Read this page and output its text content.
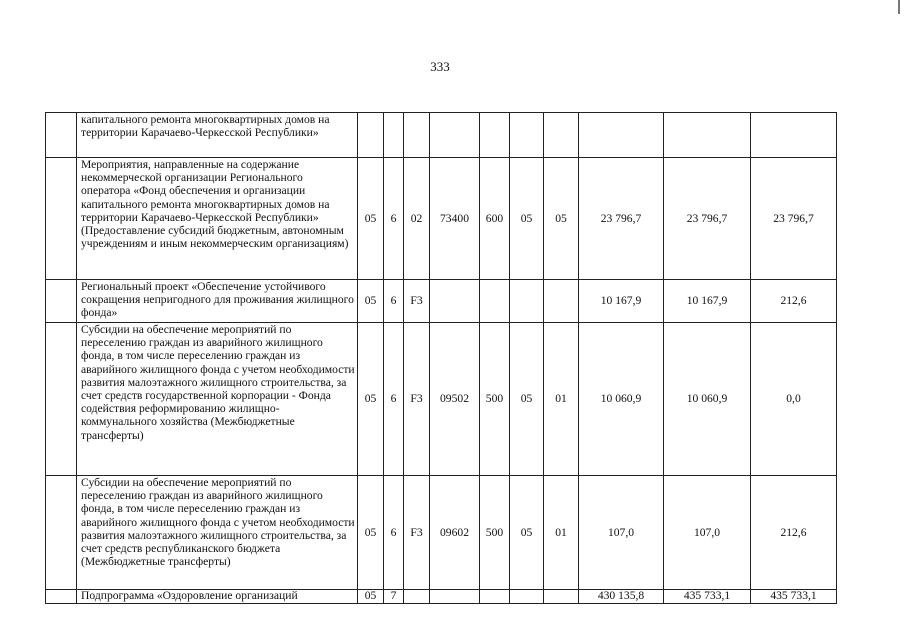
333
	капитального ремонта многоквартирных домов на территории Карачаево-Черкесской Республики»										
	Мероприятия, направленные на содержание некоммерческой организации Регионального оператора «Фонд обеспечения и организации капитального ремонта многоквартирных домов на территории Карачаево-Черкесской Республики» (Предоставление субсидий бюджетным, автономным учреждениям и иным некоммерческим организациям)	05	6	02	73400	600	05	05	23 796,7	23 796,7	23 796,7
	Региональный проект «Обеспечение устойчивого сокращения непригодного для проживания жилищного фонда»	05	6	F3					10 167,9	10 167,9	212,6
	Субсидии на обеспечение мероприятий по переселению граждан из аварийного жилищного фонда, в том числе переселению граждан из аварийного жилищного фонда с учетом необходимости развития малоэтажного жилищного строительства, за счет средств государственной корпорации - Фонда содействия реформированию жилищно-коммунального хозяйства (Межбюджетные трансферты)	05	6	F3	09502	500	05	01	10 060,9	10 060,9	0,0
	Субсидии на обеспечение мероприятий по переселению граждан из аварийного жилищного фонда, в том числе переселению граждан из аварийного жилищного фонда с учетом необходимости развития малоэтажного жилищного строительства, за счет средств республиканского бюджета (Межбюджетные трансферты)	05	6	F3	09602	500	05	01	107,0	107,0	212,6
	Подпрограмма «Оздоровление организаций	05	7						430 135,8	435 733,1	435 733,1
